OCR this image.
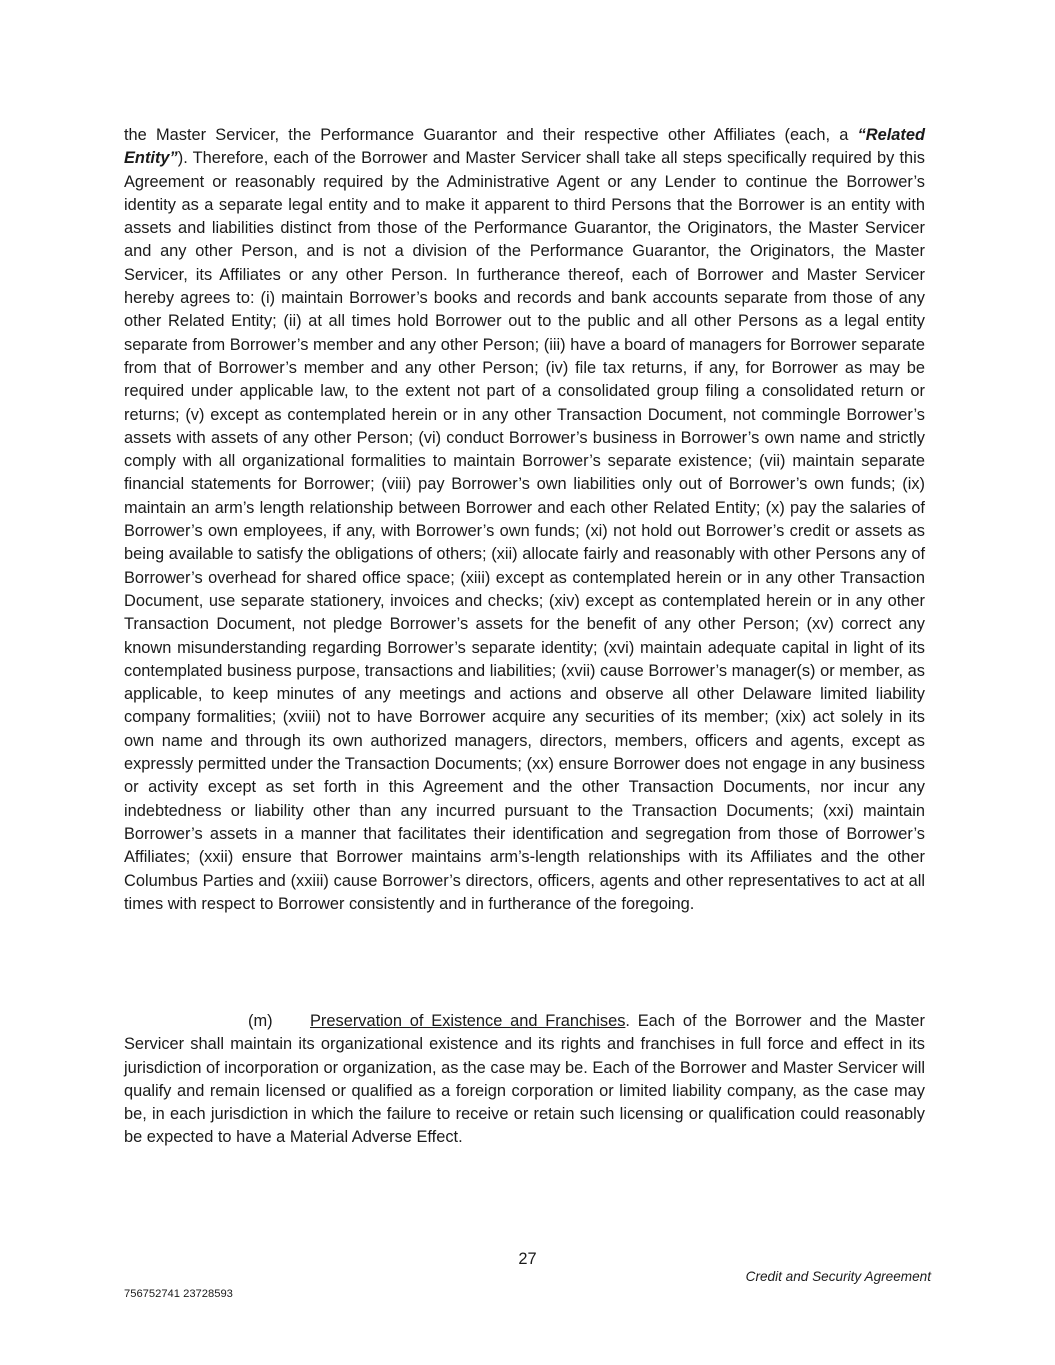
the Master Servicer, the Performance Guarantor and their respective other Affiliates (each, a “Related Entity”). Therefore, each of the Borrower and Master Servicer shall take all steps specifically required by this Agreement or reasonably required by the Administrative Agent or any Lender to continue the Borrower’s identity as a separate legal entity and to make it apparent to third Persons that the Borrower is an entity with assets and liabilities distinct from those of the Performance Guarantor, the Originators, the Master Servicer and any other Person, and is not a division of the Performance Guarantor, the Originators, the Master Servicer, its Affiliates or any other Person. In furtherance thereof, each of Borrower and Master Servicer hereby agrees to: (i) maintain Borrower’s books and records and bank accounts separate from those of any other Related Entity; (ii) at all times hold Borrower out to the public and all other Persons as a legal entity separate from Borrower’s member and any other Person; (iii) have a board of managers for Borrower separate from that of Borrower’s member and any other Person; (iv) file tax returns, if any, for Borrower as may be required under applicable law, to the extent not part of a consolidated group filing a consolidated return or returns; (v) except as contemplated herein or in any other Transaction Document, not commingle Borrower’s assets with assets of any other Person; (vi) conduct Borrower’s business in Borrower’s own name and strictly comply with all organizational formalities to maintain Borrower’s separate existence; (vii) maintain separate financial statements for Borrower; (viii) pay Borrower’s own liabilities only out of Borrower’s own funds; (ix) maintain an arm’s length relationship between Borrower and each other Related Entity; (x) pay the salaries of Borrower’s own employees, if any, with Borrower’s own funds; (xi) not hold out Borrower’s credit or assets as being available to satisfy the obligations of others; (xii) allocate fairly and reasonably with other Persons any of Borrower’s overhead for shared office space; (xiii) except as contemplated herein or in any other Transaction Document, use separate stationery, invoices and checks; (xiv) except as contemplated herein or in any other Transaction Document, not pledge Borrower’s assets for the benefit of any other Person; (xv) correct any known misunderstanding regarding Borrower’s separate identity; (xvi) maintain adequate capital in light of its contemplated business purpose, transactions and liabilities; (xvii) cause Borrower’s manager(s) or member, as applicable, to keep minutes of any meetings and actions and observe all other Delaware limited liability company formalities; (xviii) not to have Borrower acquire any securities of its member; (xix) act solely in its own name and through its own authorized managers, directors, members, officers and agents, except as expressly permitted under the Transaction Documents; (xx) ensure Borrower does not engage in any business or activity except as set forth in this Agreement and the other Transaction Documents, nor incur any indebtedness or liability other than any incurred pursuant to the Transaction Documents; (xxi) maintain Borrower’s assets in a manner that facilitates their identification and segregation from those of Borrower’s Affiliates; (xxii) ensure that Borrower maintains arm’s-length relationships with its Affiliates and the other Columbus Parties and (xxiii) cause Borrower’s directors, officers, agents and other representatives to act at all times with respect to Borrower consistently and in furtherance of the foregoing.

(m) Preservation of Existence and Franchises. Each of the Borrower and the Master Servicer shall maintain its organizational existence and its rights and franchises in full force and effect in its jurisdiction of incorporation or organization, as the case may be. Each of the Borrower and Master Servicer will qualify and remain licensed or qualified as a foreign corporation or limited liability company, as the case may be, in each jurisdiction in which the failure to receive or retain such licensing or qualification could reasonably be expected to have a Material Adverse Effect.

27
Credit and Security Agreement
756752741 23728593
